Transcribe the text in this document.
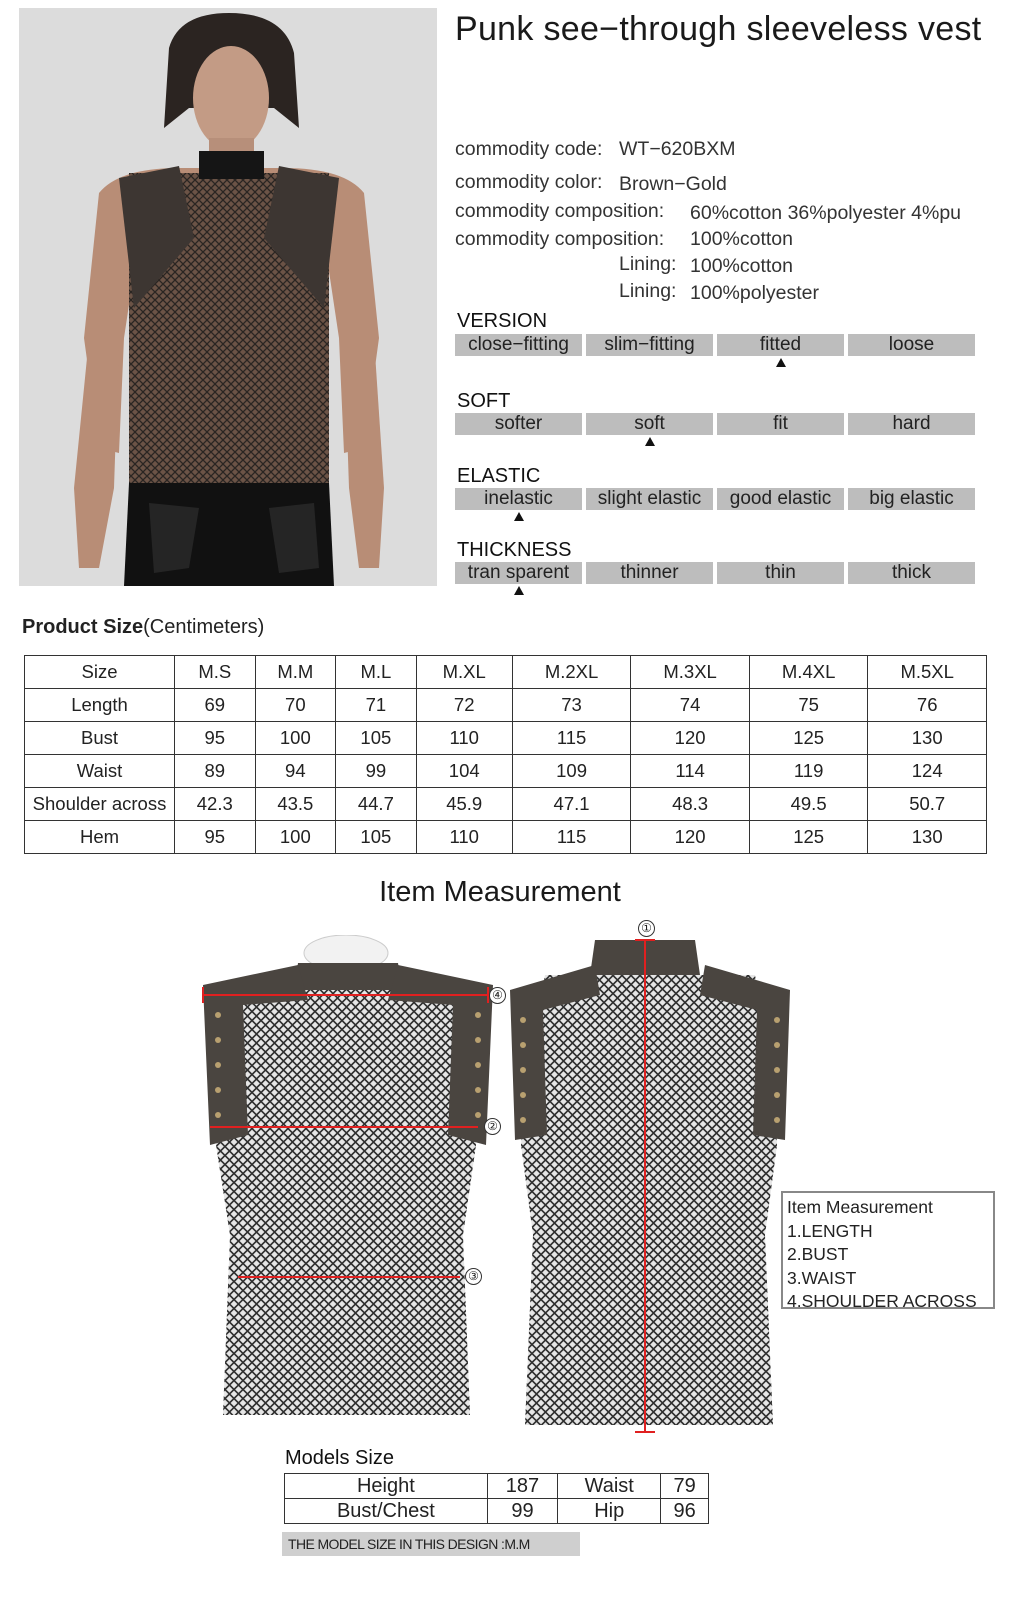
Punk see−through sleeveless vest
commodity code: WT−620BXM
commodity color: Brown−Gold
commodity composition: 60%cotton 36%polyester 4%pu
commodity composition: 100%cotton
Lining: 100%cotton
Lining: 100%polyester
VERSION
close−fitting	slim−fitting	fitted	loose
SOFT
softer	soft	fit	hard
ELASTIC
inelastic	slight elastic	good elastic	big elastic
THICKNESS
tran sparent	thinner	thin	thick
Product Size(Centimeters)
Size	M.S	M.M	M.L	M.XL	M.2XL	M.3XL	M.4XL	M.5XL
Length	69	70	71	72	73	74	75	76
Bust	95	100	105	110	115	120	125	130
Waist	89	94	99	104	109	114	119	124
Shoulder across	42.3	43.5	44.7	45.9	47.1	48.3	49.5	50.7
Hem	95	100	105	110	115	120	125	130
Item Measurement
①
②
③
④
Item Measurement
1.LENGTH
2.BUST
3.WAIST
4.SHOULDER ACROSS
Models Size
Height	187	Waist	79
Bust/Chest	99	Hip	96
THE MODEL SIZE IN THIS DESIGN :M.M
